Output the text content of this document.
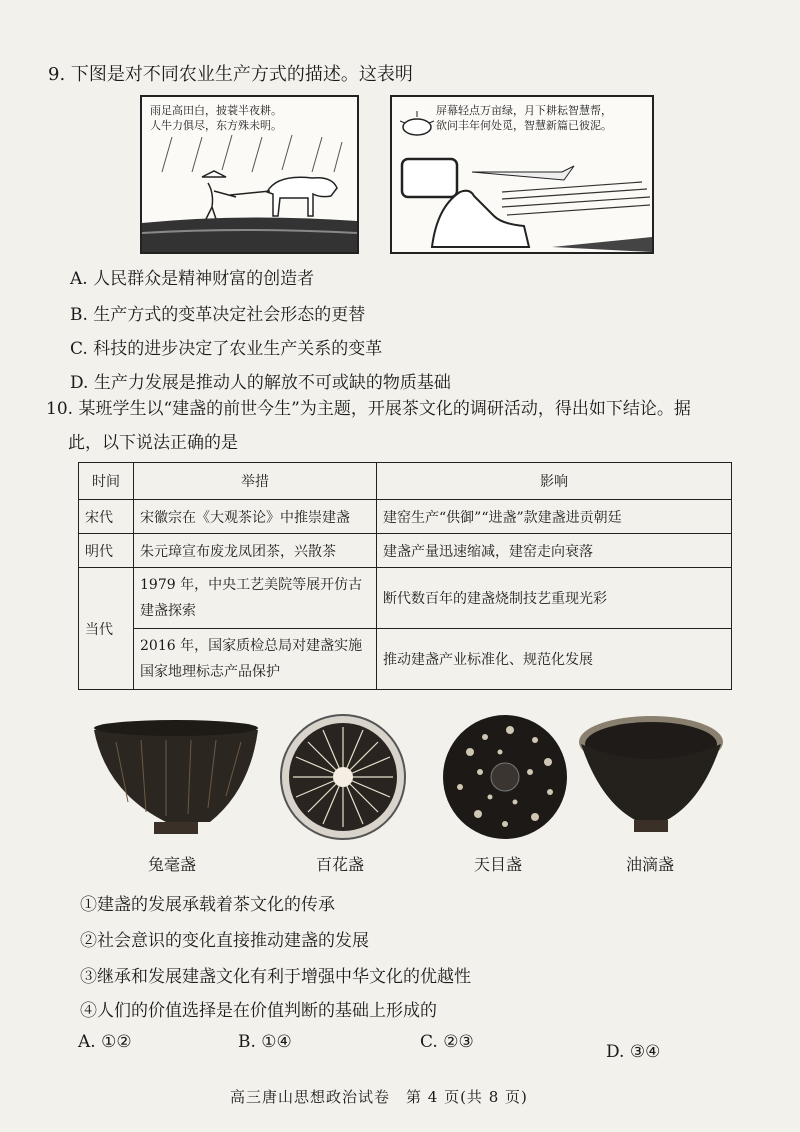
9. 下图是对不同农业生产方式的描述。这表明
雨足高田白，披蓑半夜耕。
人牛力俱尽，东方殊未明。
屏幕轻点万亩绿，月下耕耘智慧帮，
欲问丰年何处觅，智慧新篇已彼泥。
A. 人民群众是精神财富的创造者
B. 生产方式的变革决定社会形态的更替
C. 科技的进步决定了农业生产关系的变革
D. 生产力发展是推动人的解放不可或缺的物质基础
10. 某班学生以“建盏的前世今生”为主题，开展茶文化的调研活动，得出如下结论。据
此，以下说法正确的是
时间	举措	影响
宋代	宋徽宗在《大观茶论》中推崇建盏	建窑生产“供御”“进盏”款建盏进贡朝廷
明代	朱元璋宣布废龙凤团茶，兴散茶	建盏产量迅速缩减，建窑走向衰落
当代	1979 年，中央工艺美院等展开仿古建盏探索	断代数百年的建盏烧制技艺重现光彩
	2016 年，国家质检总局对建盏实施国家地理标志产品保护	推动建盏产业标准化、规范化发展
兔毫盏	百花盏	天目盏	油滴盏
①建盏的发展承载着茶文化的传承
②社会意识的变化直接推动建盏的发展
③继承和发展建盏文化有利于增强中华文化的优越性
④人们的价值选择是在价值判断的基础上形成的
A. ①②	B. ①④	C. ②③	D. ③④
高三唐山思想政治试卷　第 4 页(共 8 页)
